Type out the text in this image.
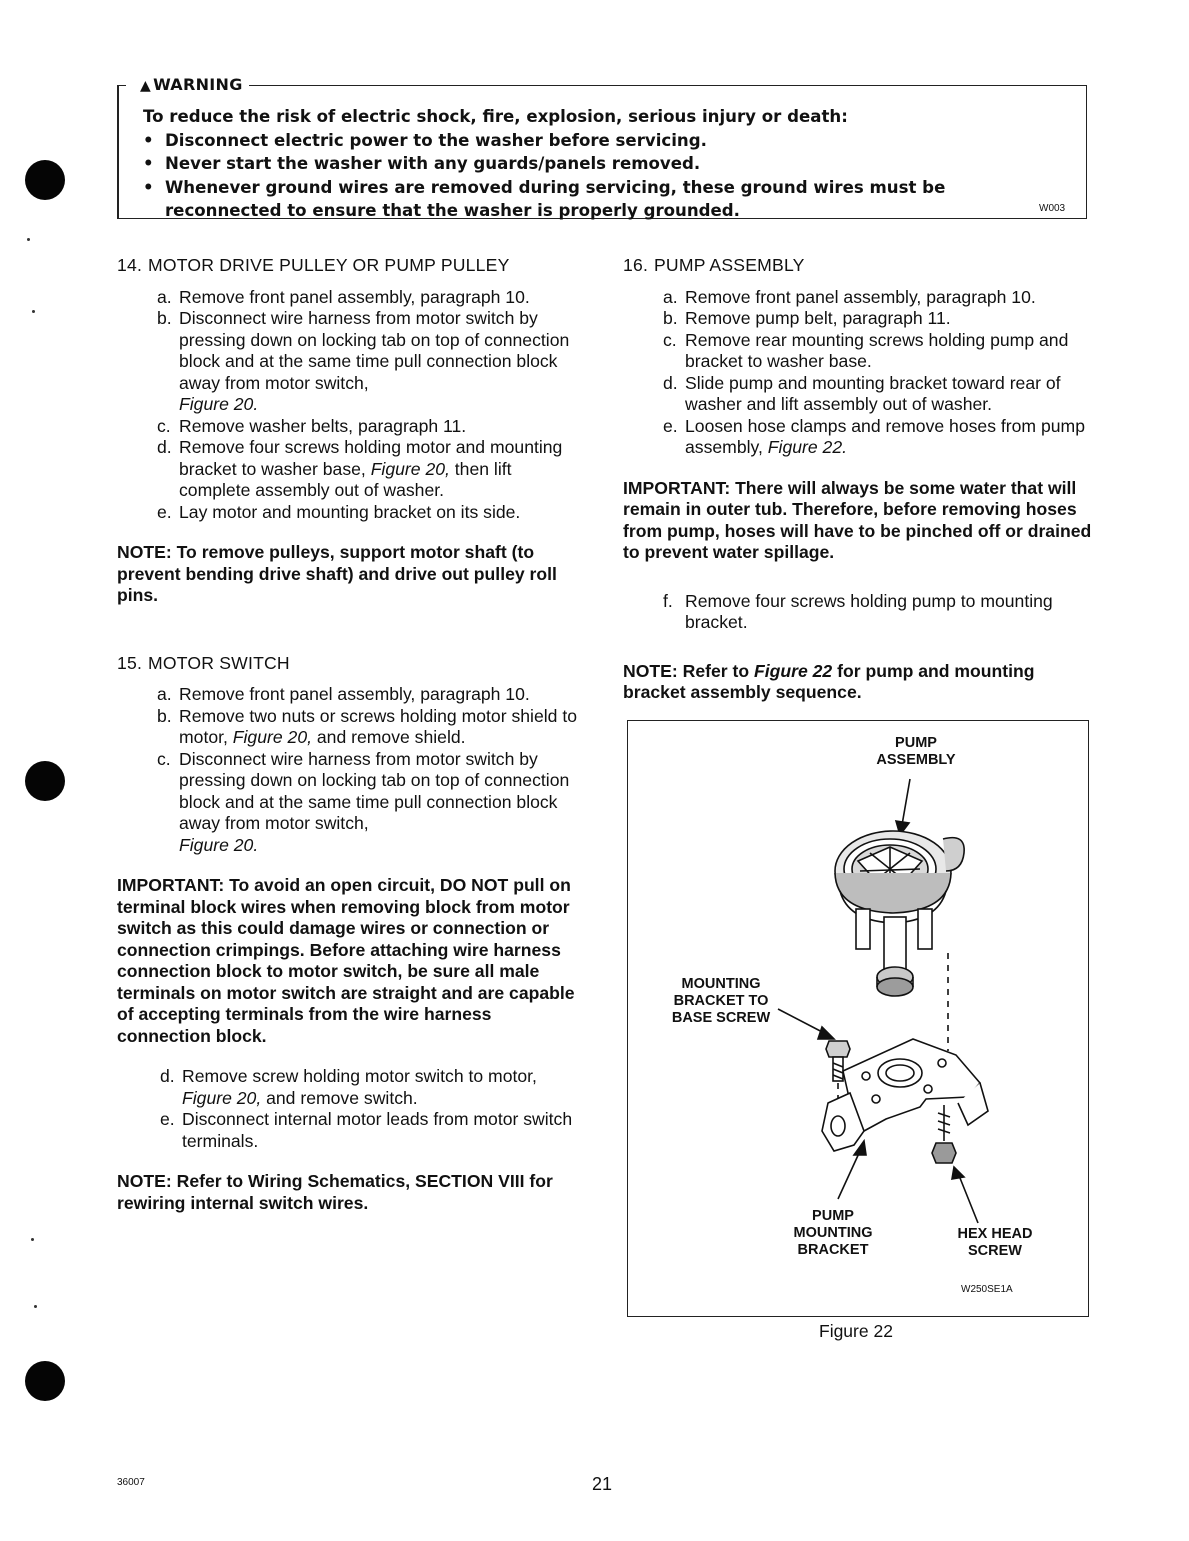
▲ WARNING
To reduce the risk of electric shock, fire, explosion, serious injury or death:
• Disconnect electric power to the washer before servicing.
• Never start the washer with any guards/panels removed.
• Whenever ground wires are removed during servicing, these ground wires must be reconnected to ensure that the washer is properly grounded.	W003
14. MOTOR DRIVE PULLEY OR PUMP PULLEY
a. Remove front panel assembly, paragraph 10.
b. Disconnect wire harness from motor switch by pressing down on locking tab on top of connection block and at the same time pull connection block away from motor switch,
Figure 20.
c. Remove washer belts, paragraph 11.
d. Remove four screws holding motor and mounting bracket to washer base, Figure 20, then lift complete assembly out of washer.
e. Lay motor and mounting bracket on its side.
NOTE: To remove pulleys, support motor shaft (to prevent bending drive shaft) and drive out pulley roll pins.
15. MOTOR SWITCH
a. Remove front panel assembly, paragraph 10.
b. Remove two nuts or screws holding motor shield to motor, Figure 20, and remove shield.
c. Disconnect wire harness from motor switch by pressing down on locking tab on top of connection block and at the same time pull connection block away from motor switch,
Figure 20.
IMPORTANT: To avoid an open circuit, DO NOT pull on terminal block wires when removing block from motor switch as this could damage wires or connection or connection crimpings. Before attaching wire harness connection block to motor switch, be sure all male terminals on motor switch are straight and are capable of accepting terminals from the wire harness connection block.
d. Remove screw holding motor switch to motor,
Figure 20, and remove switch.
e. Disconnect internal motor leads from motor switch terminals.
NOTE: Refer to Wiring Schematics, SECTION VIII for rewiring internal switch wires.
16. PUMP ASSEMBLY
a. Remove front panel assembly, paragraph 10.
b. Remove pump belt, paragraph 11.
c. Remove rear mounting screws holding pump and bracket to washer base.
d. Slide pump and mounting bracket toward rear of washer and lift assembly out of washer.
e. Loosen hose clamps and remove hoses from pump assembly, Figure 22.
IMPORTANT: There will always be some water that will remain in outer tub. Therefore, before removing hoses from pump, hoses will have to be pinched off or drained to prevent water spillage.
f. Remove four screws holding pump to mounting bracket.
NOTE: Refer to Figure 22 for pump and mounting bracket assembly sequence.
PUMP ASSEMBLY
MOUNTING BRACKET TO BASE SCREW
PUMP MOUNTING BRACKET
HEX HEAD SCREW
W250SE1A
Figure 22
36007	21
